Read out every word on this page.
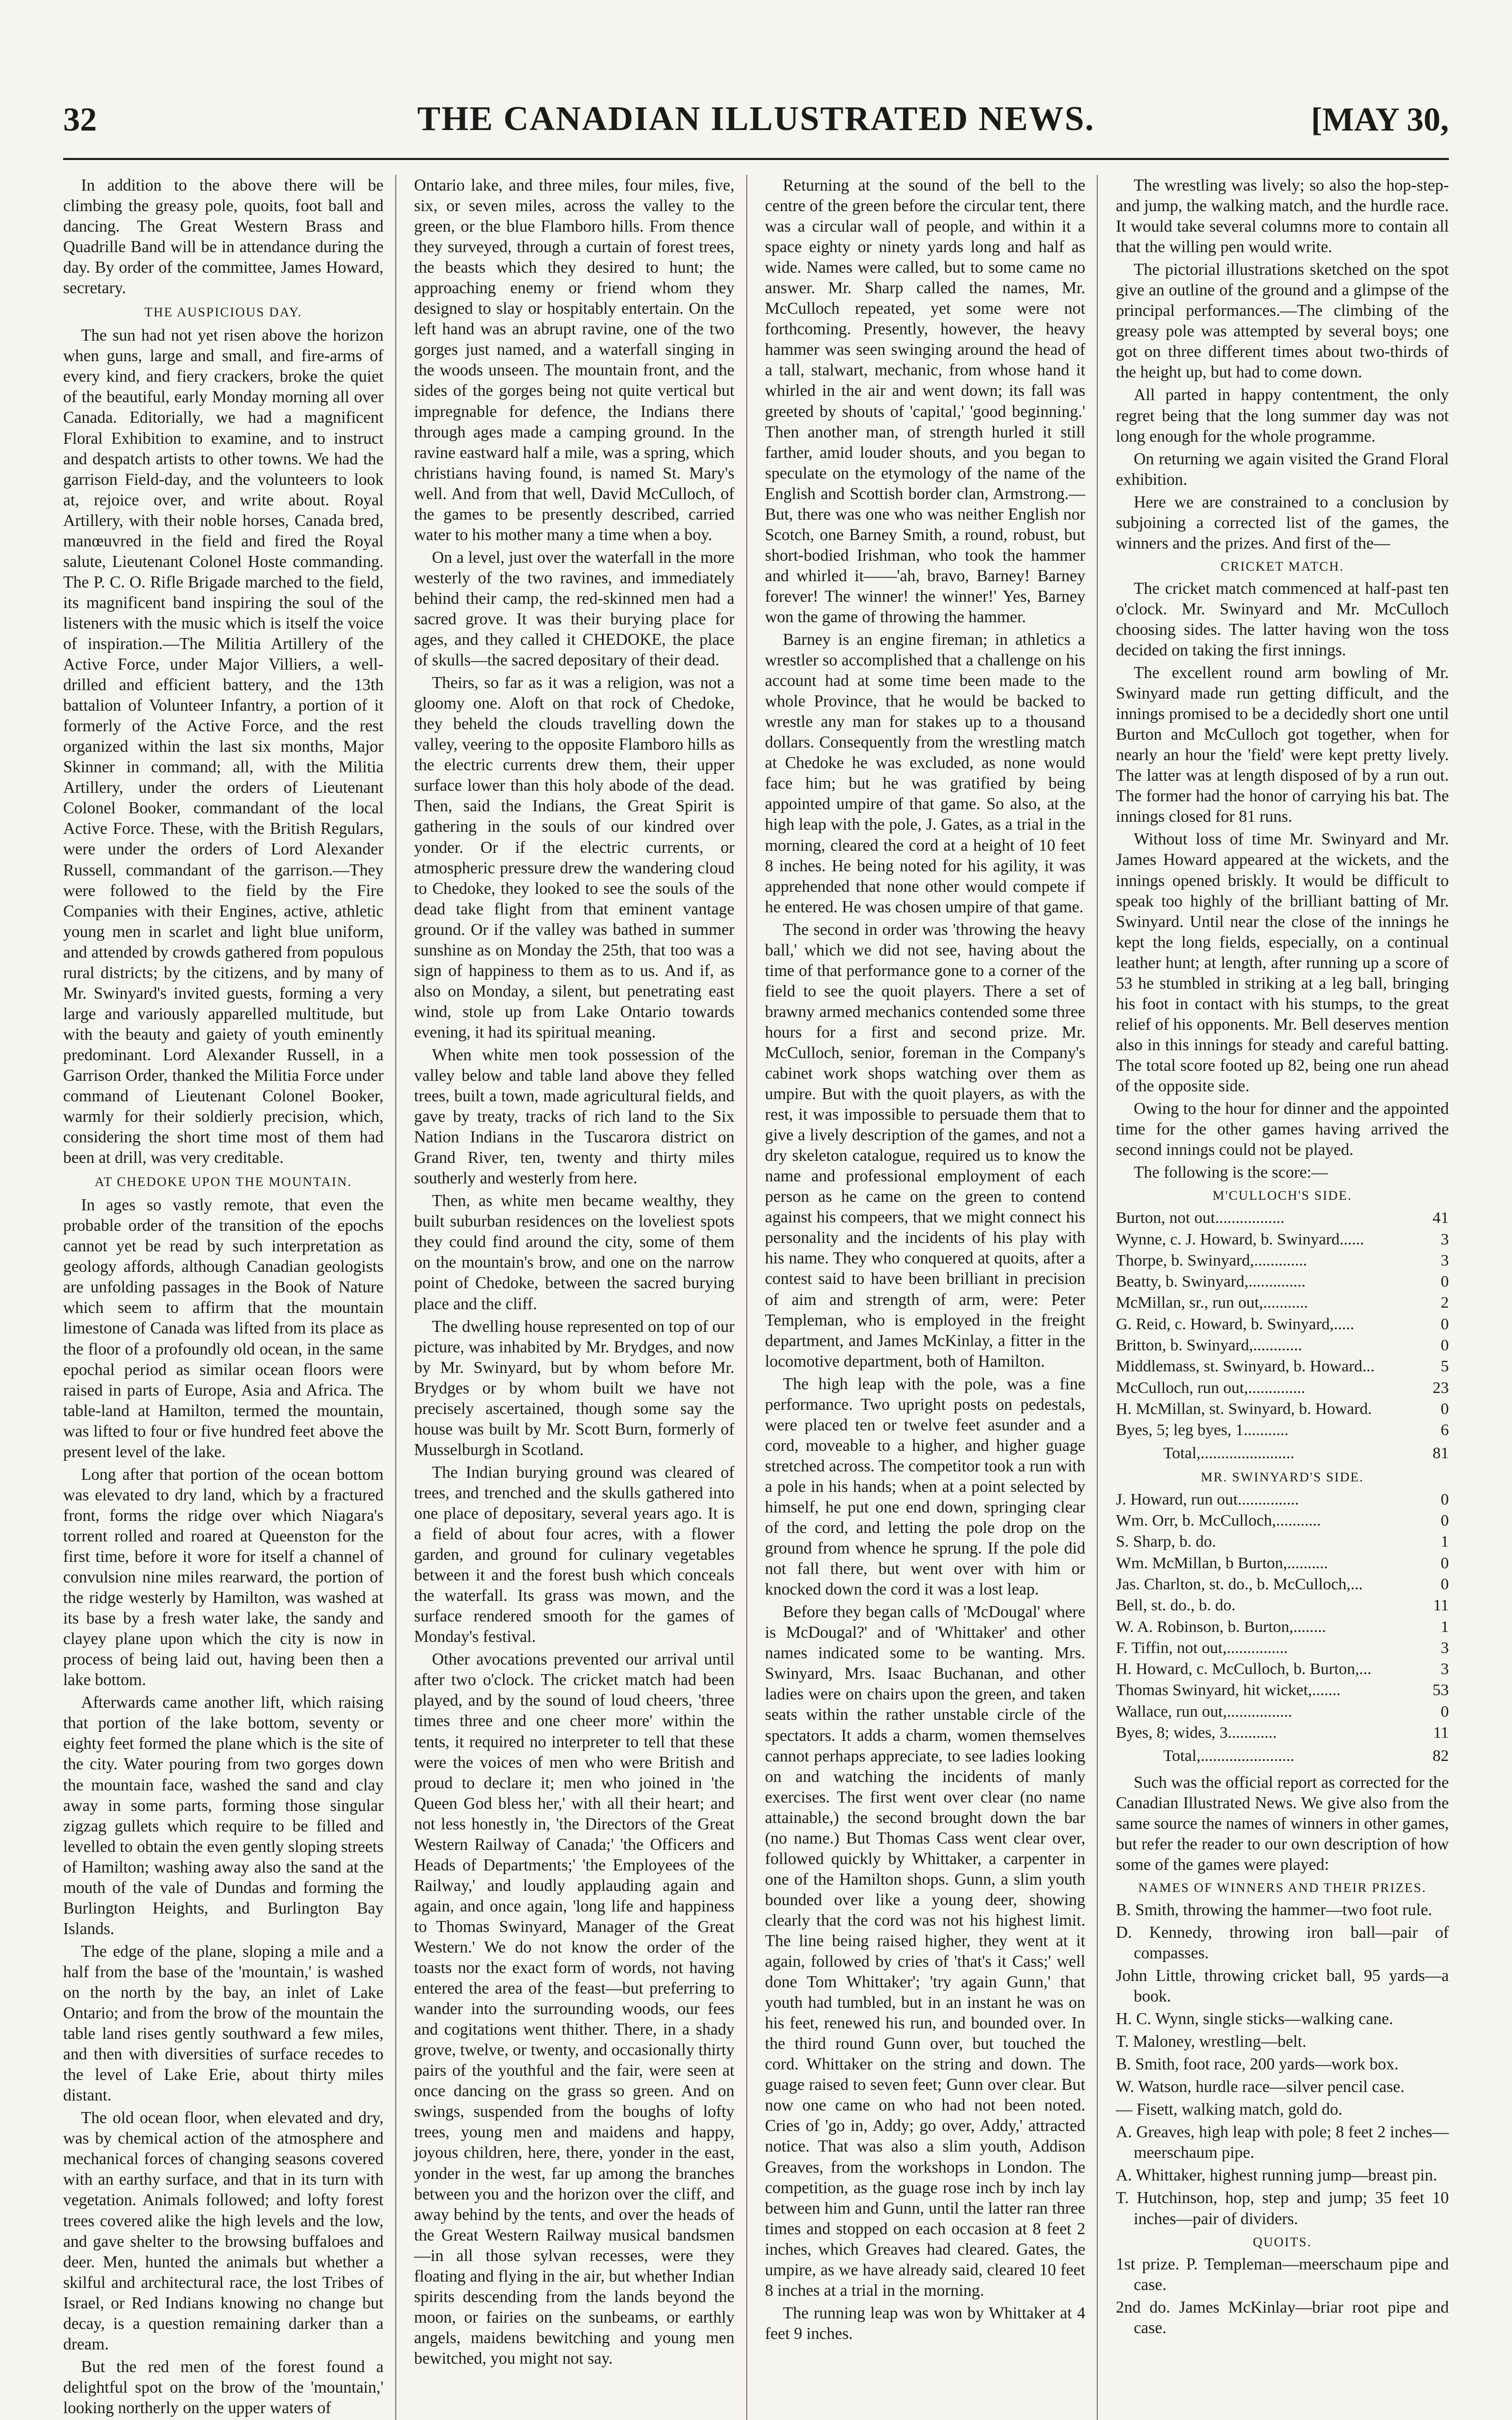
32	THE CANADIAN ILLUSTRATED NEWS.	[MAY 30,

In addition to the above there will be climbing the greasy pole, quoits, foot ball and dancing. The Great Western Brass and Quadrille Band will be in attendance during the day. By order of the committee, James Howard, secretary.

THE AUSPICIOUS DAY.

The sun had not yet risen above the horizon when guns, large and small, and fire-arms of every kind, and fiery crackers, broke the quiet of the beautiful, early Monday morning all over Canada. Editorially, we had a magnificent Floral Exhibition to examine, and to instruct and despatch artists to other towns. We had the garrison Field-day, and the volunteers to look at, rejoice over, and write about. Royal Artillery, with their noble horses, Canada bred, manœuvred in the field and fired the Royal salute, Lieutenant Colonel Hoste commanding. The P. C. O. Rifle Brigade marched to the field, its magnificent band inspiring the soul of the listeners with the music which is itself the voice of inspiration.—The Militia Artillery of the Active Force, under Major Villiers, a well-drilled and efficient battery, and the 13th battalion of Volunteer Infantry, a portion of it formerly of the Active Force, and the rest organized within the last six months, Major Skinner in command; all, with the Militia Artillery, under the orders of Lieutenant Colonel Booker, commandant of the local Active Force. These, with the British Regulars, were under the orders of Lord Alexander Russell, commandant of the garrison.—They were followed to the field by the Fire Companies with their Engines, active, athletic young men in scarlet and light blue uniform, and attended by crowds gathered from populous rural districts; by the citizens, and by many of Mr. Swinyard's invited guests, forming a very large and variously apparelled multitude, but with the beauty and gaiety of youth eminently predominant. Lord Alexander Russell, in a Garrison Order, thanked the Militia Force under command of Lieutenant Colonel Booker, warmly for their soldierly precision, which, considering the short time most of them had been at drill, was very creditable.

AT CHEDOKE UPON THE MOUNTAIN.

In ages so vastly remote, that even the probable order of the transition of the epochs cannot yet be read by such interpretation as geology affords, although Canadian geologists are unfolding passages in the Book of Nature which seem to affirm that the mountain limestone of Canada was lifted from its place as the floor of a profoundly old ocean, in the same epochal period as similar ocean floors were raised in parts of Europe, Asia and Africa. The table-land at Hamilton, termed the mountain, was lifted to four or five hundred feet above the present level of the lake.

Long after that portion of the ocean bottom was elevated to dry land, which by a fractured front, forms the ridge over which Niagara's torrent rolled and roared at Queenston for the first time, before it wore for itself a channel of convulsion nine miles rearward, the portion of the ridge westerly by Hamilton, was washed at its base by a fresh water lake, the sandy and clayey plane upon which the city is now in process of being laid out, having been then a lake bottom.

Afterwards came another lift, which raising that portion of the lake bottom, seventy or eighty feet formed the plane which is the site of the city. Water pouring from two gorges down the mountain face, washed the sand and clay away in some parts, forming those singular zigzag gullets which require to be filled and levelled to obtain the even gently sloping streets of Hamilton; washing away also the sand at the mouth of the vale of Dundas and forming the Burlington Heights, and Burlington Bay Islands.

The edge of the plane, sloping a mile and a half from the base of the 'mountain,' is washed on the north by the bay, an inlet of Lake Ontario; and from the brow of the mountain the table land rises gently southward a few miles, and then with diversities of surface recedes to the level of Lake Erie, about thirty miles distant.

The old ocean floor, when elevated and dry, was by chemical action of the atmosphere and mechanical forces of changing seasons covered with an earthy surface, and that in its turn with vegetation. Animals followed; and lofty forest trees covered alike the high levels and the low, and gave shelter to the browsing buffaloes and deer. Men, hunted the animals but whether a skilful and architectural race, the lost Tribes of Israel, or Red Indians knowing no change but decay, is a question remaining darker than a dream.

But the red men of the forest found a delightful spot on the brow of the 'mountain,' looking northerly on the upper waters of

Ontario lake, and three miles, four miles, five, six, or seven miles, across the valley to the green, or the blue Flamboro hills. From thence they surveyed, through a curtain of forest trees, the beasts which they desired to hunt; the approaching enemy or friend whom they designed to slay or hospitably entertain. On the left hand was an abrupt ravine, one of the two gorges just named, and a waterfall singing in the woods unseen. The mountain front, and the sides of the gorges being not quite vertical but impregnable for defence, the Indians there through ages made a camping ground. In the ravine eastward half a mile, was a spring, which christians having found, is named St. Mary's well. And from that well, David McCulloch, of the games to be presently described, carried water to his mother many a time when a boy.

On a level, just over the waterfall in the more westerly of the two ravines, and immediately behind their camp, the red-skinned men had a sacred grove. It was their burying place for ages, and they called it CHEDOKE, the place of skulls—the sacred depositary of their dead.

Theirs, so far as it was a religion, was not a gloomy one. Aloft on that rock of Chedoke, they beheld the clouds travelling down the valley, veering to the opposite Flamboro hills as the electric currents drew them, their upper surface lower than this holy abode of the dead. Then, said the Indians, the Great Spirit is gathering in the souls of our kindred over yonder. Or if the electric currents, or atmospheric pressure drew the wandering cloud to Chedoke, they looked to see the souls of the dead take flight from that eminent vantage ground. Or if the valley was bathed in summer sunshine as on Monday the 25th, that too was a sign of happiness to them as to us. And if, as also on Monday, a silent, but penetrating east wind, stole up from Lake Ontario towards evening, it had its spiritual meaning.

When white men took possession of the valley below and table land above they felled trees, built a town, made agricultural fields, and gave by treaty, tracks of rich land to the Six Nation Indians in the Tuscarora district on Grand River, ten, twenty and thirty miles southerly and westerly from here.

Then, as white men became wealthy, they built suburban residences on the loveliest spots they could find around the city, some of them on the mountain's brow, and one on the narrow point of Chedoke, between the sacred burying place and the cliff.

The dwelling house represented on top of our picture, was inhabited by Mr. Brydges, and now by Mr. Swinyard, but by whom before Mr. Brydges or by whom built we have not precisely ascertained, though some say the house was built by Mr. Scott Burn, formerly of Musselburgh in Scotland.

The Indian burying ground was cleared of trees, and trenched and the skulls gathered into one place of depositary, several years ago. It is a field of about four acres, with a flower garden, and ground for culinary vegetables between it and the forest bush which conceals the waterfall. Its grass was mown, and the surface rendered smooth for the games of Monday's festival.

Other avocations prevented our arrival until after two o'clock. The cricket match had been played, and by the sound of loud cheers, 'three times three and one cheer more' within the tents, it required no interpreter to tell that these were the voices of men who were British and proud to declare it; men who joined in 'the Queen God bless her,' with all their heart; and not less honestly in, 'the Directors of the Great Western Railway of Canada;' 'the Officers and Heads of Departments;' 'the Employees of the Railway,' and loudly applauding again and again, and once again, 'long life and happiness to Thomas Swinyard, Manager of the Great Western.' We do not know the order of the toasts nor the exact form of words, not having entered the area of the feast—but preferring to wander into the surrounding woods, our fees and cogitations went thither. There, in a shady grove, twelve, or twenty, and occasionally thirty pairs of the youthful and the fair, were seen at once dancing on the grass so green. And on swings, suspended from the boughs of lofty trees, young men and maidens and happy, joyous children, here, there, yonder in the east, yonder in the west, far up among the branches between you and the horizon over the cliff, and away behind by the tents, and over the heads of the Great Western Railway musical bandsmen—in all those sylvan recesses, were they floating and flying in the air, but whether Indian spirits descending from the lands beyond the moon, or fairies on the sunbeams, or earthly angels, maidens bewitching and young men bewitched, you might not say.

Returning at the sound of the bell to the centre of the green before the circular tent, there was a circular wall of people, and within it a space eighty or ninety yards long and half as wide. Names were called, but to some came no answer. Mr. Sharp called the names, Mr. McCulloch repeated, yet some were not forthcoming. Presently, however, the heavy hammer was seen swinging around the head of a tall, stalwart, mechanic, from whose hand it whirled in the air and went down; its fall was greeted by shouts of 'capital,' 'good beginning.' Then another man, of strength hurled it still farther, amid louder shouts, and you began to speculate on the etymology of the name of the English and Scottish border clan, Armstrong.—But, there was one who was neither English nor Scotch, one Barney Smith, a round, robust, but short-bodied Irishman, who took the hammer and whirled it——'ah, bravo, Barney! Barney forever! The winner! the winner!' Yes, Barney won the game of throwing the hammer.

Barney is an engine fireman; in athletics a wrestler so accomplished that a challenge on his account had at some time been made to the whole Province, that he would be backed to wrestle any man for stakes up to a thousand dollars. Consequently from the wrestling match at Chedoke he was excluded, as none would face him; but he was gratified by being appointed umpire of that game. So also, at the high leap with the pole, J. Gates, as a trial in the morning, cleared the cord at a height of 10 feet 8 inches. He being noted for his agility, it was apprehended that none other would compete if he entered. He was chosen umpire of that game.

The second in order was 'throwing the heavy ball,' which we did not see, having about the time of that performance gone to a corner of the field to see the quoit players. There a set of brawny armed mechanics contended some three hours for a first and second prize. Mr. McCulloch, senior, foreman in the Company's cabinet work shops watching over them as umpire. But with the quoit players, as with the rest, it was impossible to persuade them that to give a lively description of the games, and not a dry skeleton catalogue, required us to know the name and professional employment of each person as he came on the green to contend against his compeers, that we might connect his personality and the incidents of his play with his name. They who conquered at quoits, after a contest said to have been brilliant in precision of aim and strength of arm, were: Peter Templeman, who is employed in the freight department, and James McKinlay, a fitter in the locomotive department, both of Hamilton.

The high leap with the pole, was a fine performance. Two upright posts on pedestals, were placed ten or twelve feet asunder and a cord, moveable to a higher, and higher guage stretched across. The competitor took a run with a pole in his hands; when at a point selected by himself, he put one end down, springing clear of the cord, and letting the pole drop on the ground from whence he sprung. If the pole did not fall there, but went over with him or knocked down the cord it was a lost leap.

Before they began calls of 'McDougal' where is McDougal?' and of 'Whittaker' and other names indicated some to be wanting. Mrs. Swinyard, Mrs. Isaac Buchanan, and other ladies were on chairs upon the green, and taken seats within the rather unstable circle of the spectators. It adds a charm, women themselves cannot perhaps appreciate, to see ladies looking on and watching the incidents of manly exercises. The first went over clear (no name attainable,) the second brought down the bar (no name.) But Thomas Cass went clear over, followed quickly by Whittaker, a carpenter in one of the Hamilton shops. Gunn, a slim youth bounded over like a young deer, showing clearly that the cord was not his highest limit. The line being raised higher, they went at it again, followed by cries of 'that's it Cass;' well done Tom Whittaker'; 'try again Gunn,' that youth had tumbled, but in an instant he was on his feet, renewed his run, and bounded over. In the third round Gunn over, but touched the cord. Whittaker on the string and down. The guage raised to seven feet; Gunn over clear. But now one came on who had not been noted. Cries of 'go in, Addy; go over, Addy,' attracted notice. That was also a slim youth, Addison Greaves, from the workshops in London. The competition, as the guage rose inch by inch lay between him and Gunn, until the latter ran three times and stopped on each occasion at 8 feet 2 inches, which Greaves had cleared. Gates, the umpire, as we have already said, cleared 10 feet 8 inches at a trial in the morning.

The running leap was won by Whittaker at 4 feet 9 inches.

The wrestling was lively; so also the hop-step-and jump, the walking match, and the hurdle race. It would take several columns more to contain all that the willing pen would write.

The pictorial illustrations sketched on the spot give an outline of the ground and a glimpse of the principal performances.—The climbing of the greasy pole was attempted by several boys; one got on three different times about two-thirds of the height up, but had to come down.

All parted in happy contentment, the only regret being that the long summer day was not long enough for the whole programme.

On returning we again visited the Grand Floral exhibition.

Here we are constrained to a conclusion by subjoining a corrected list of the games, the winners and the prizes. And first of the—

CRICKET MATCH.

The cricket match commenced at half-past ten o'clock. Mr. Swinyard and Mr. McCulloch choosing sides. The latter having won the toss decided on taking the first innings.

The excellent round arm bowling of Mr. Swinyard made run getting difficult, and the innings promised to be a decidedly short one until Burton and McCulloch got together, when for nearly an hour the 'field' were kept pretty lively. The latter was at length disposed of by a run out. The former had the honor of carrying his bat. The innings closed for 81 runs.

Without loss of time Mr. Swinyard and Mr. James Howard appeared at the wickets, and the innings opened briskly. It would be difficult to speak too highly of the brilliant batting of Mr. Swinyard. Until near the close of the innings he kept the long fields, especially, on a continual leather hunt; at length, after running up a score of 53 he stumbled in striking at a leg ball, bringing his foot in contact with his stumps, to the great relief of his opponents. Mr. Bell deserves mention also in this innings for steady and careful batting. The total score footed up 82, being one run ahead of the opposite side.

Owing to the hour for dinner and the appointed time for the other games having arrived the second innings could not be played.

The following is the score:—

M'CULLOCH'S SIDE.
Burton, not out.................	41
Wynne, c. J. Howard, b. Swinyard......	3
Thorpe, b. Swinyard,.............	3
Beatty, b. Swinyard,..............	0
McMillan, sr., run out,...........	2
G. Reid, c. Howard, b. Swinyard,.....	0
Britton, b. Swinyard,............	0
Middlemass, st. Swinyard, b. Howard...	5
McCulloch, run out,..............	23
H. McMillan, st. Swinyard, b. Howard.	0
Byes, 5; leg byes, 1...........	6
Total,.......................	81
MR. SWINYARD'S SIDE.
J. Howard, run out...............	0
Wm. Orr, b. McCulloch,...........	0
S. Sharp, b. do.	1
Wm. McMillan, b Burton,..........	0
Jas. Charlton, st. do., b. McCulloch,...	0
Bell, st. do., b. do.	11
W. A. Robinson, b. Burton,........	1
F. Tiffin, not out,...............	3
H. Howard, c. McCulloch, b. Burton,...	3
Thomas Swinyard, hit wicket,.......	53
Wallace, run out,................	0
Byes, 8; wides, 3............	11
Total,.......................	82

Such was the official report as corrected for the Canadian Illustrated News. We give also from the same source the names of winners in other games, but refer the reader to our own description of how some of the games were played:

NAMES OF WINNERS AND THEIR PRIZES.

B. Smith, throwing the hammer—two foot rule.

D. Kennedy, throwing iron ball—pair of compasses.

John Little, throwing cricket ball, 95 yards—a book.

H. C. Wynn, single sticks—walking cane.

T. Maloney, wrestling—belt.

B. Smith, foot race, 200 yards—work box.

W. Watson, hurdle race—silver pencil case.

— Fisett, walking match, gold do.

A. Greaves, high leap with pole; 8 feet 2 inches—meerschaum pipe.

A. Whittaker, highest running jump—breast pin.

T. Hutchinson, hop, step and jump; 35 feet 10 inches—pair of dividers.

QUOITS.

1st prize. P. Templeman—meerschaum pipe and case.

2nd do. James McKinlay—briar root pipe and case.
